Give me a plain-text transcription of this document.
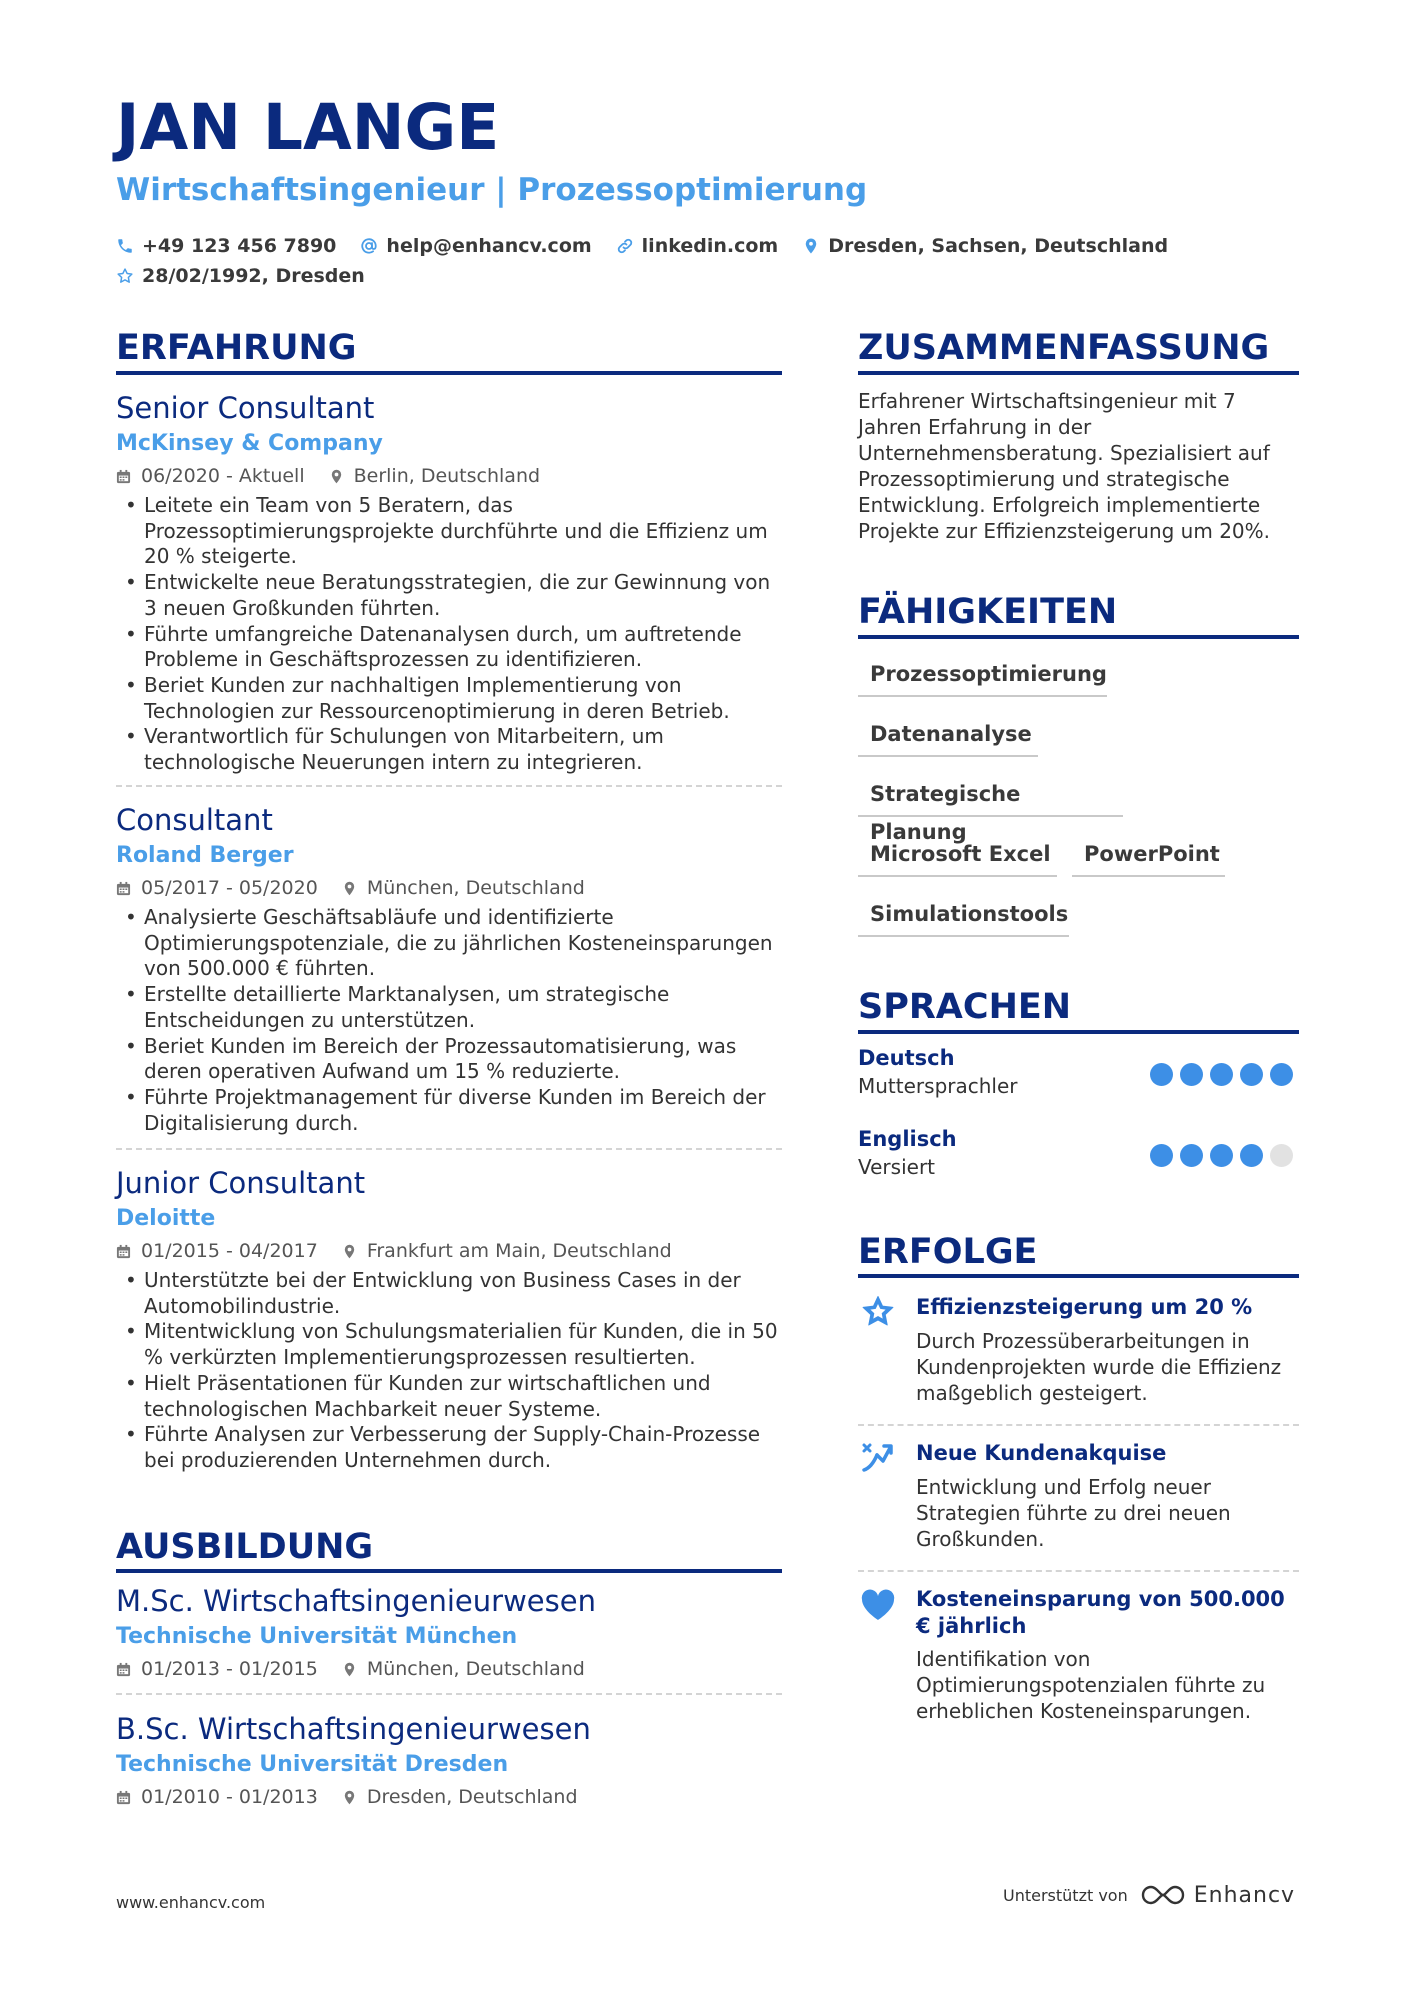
JAN LANGE
Wirtschaftsingenieur | Prozessoptimierung
+49 123 456 7890	help@enhancv.com	linkedin.com	Dresden, Sachsen, Deutschland
28/02/1992, Dresden
ERFAHRUNG
Senior Consultant
McKinsey & Company
06/2020 - Aktuell	Berlin, Deutschland
• Leitete ein Team von 5 Beratern, das Prozessoptimierungsprojekte durchführte und die Effizienz um 20 % steigerte.
• Entwickelte neue Beratungsstrategien, die zur Gewinnung von 3 neuen Großkunden führten.
• Führte umfangreiche Datenanalysen durch, um auftretende Probleme in Geschäftsprozessen zu identifizieren.
• Beriet Kunden zur nachhaltigen Implementierung von Technologien zur Ressourcenoptimierung in deren Betrieb.
• Verantwortlich für Schulungen von Mitarbeitern, um technologische Neuerungen intern zu integrieren.
Consultant
Roland Berger
05/2017 - 05/2020	München, Deutschland
• Analysierte Geschäftsabläufe und identifizierte Optimierungspotenziale, die zu jährlichen Kosteneinsparungen von 500.000 € führten.
• Erstellte detaillierte Marktanalysen, um strategische Entscheidungen zu unterstützen.
• Beriet Kunden im Bereich der Prozessautomatisierung, was deren operativen Aufwand um 15 % reduzierte.
• Führte Projektmanagement für diverse Kunden im Bereich der Digitalisierung durch.
Junior Consultant
Deloitte
01/2015 - 04/2017	Frankfurt am Main, Deutschland
• Unterstützte bei der Entwicklung von Business Cases in der Automobilindustrie.
• Mitentwicklung von Schulungsmaterialien für Kunden, die in 50 % verkürzten Implementierungsprozessen resultierten.
• Hielt Präsentationen für Kunden zur wirtschaftlichen und technologischen Machbarkeit neuer Systeme.
• Führte Analysen zur Verbesserung der Supply-Chain-Prozesse bei produzierenden Unternehmen durch.
AUSBILDUNG
M.Sc. Wirtschaftsingenieurwesen
Technische Universität München
01/2013 - 01/2015	München, Deutschland
B.Sc. Wirtschaftsingenieurwesen
Technische Universität Dresden
01/2010 - 01/2013	Dresden, Deutschland
ZUSAMMENFASSUNG
Erfahrener Wirtschaftsingenieur mit 7 Jahren Erfahrung in der Unternehmensberatung. Spezialisiert auf Prozessoptimierung und strategische Entwicklung. Erfolgreich implementierte Projekte zur Effizienzsteigerung um 20%.
FÄHIGKEITEN
Prozessoptimierung
Datenanalyse
Strategische Planung
Microsoft Excel	PowerPoint
Simulationstools
SPRACHEN
Deutsch
Muttersprachler
Englisch
Versiert
ERFOLGE
Effizienzsteigerung um 20 %
Durch Prozessüberarbeitungen in Kundenprojekten wurde die Effizienz maßgeblich gesteigert.
Neue Kundenakquise
Entwicklung und Erfolg neuer Strategien führte zu drei neuen Großkunden.
Kosteneinsparung von 500.000 € jährlich
Identifikation von Optimierungspotenzialen führte zu erheblichen Kosteneinsparungen.
www.enhancv.com	Unterstützt von	Enhancv
